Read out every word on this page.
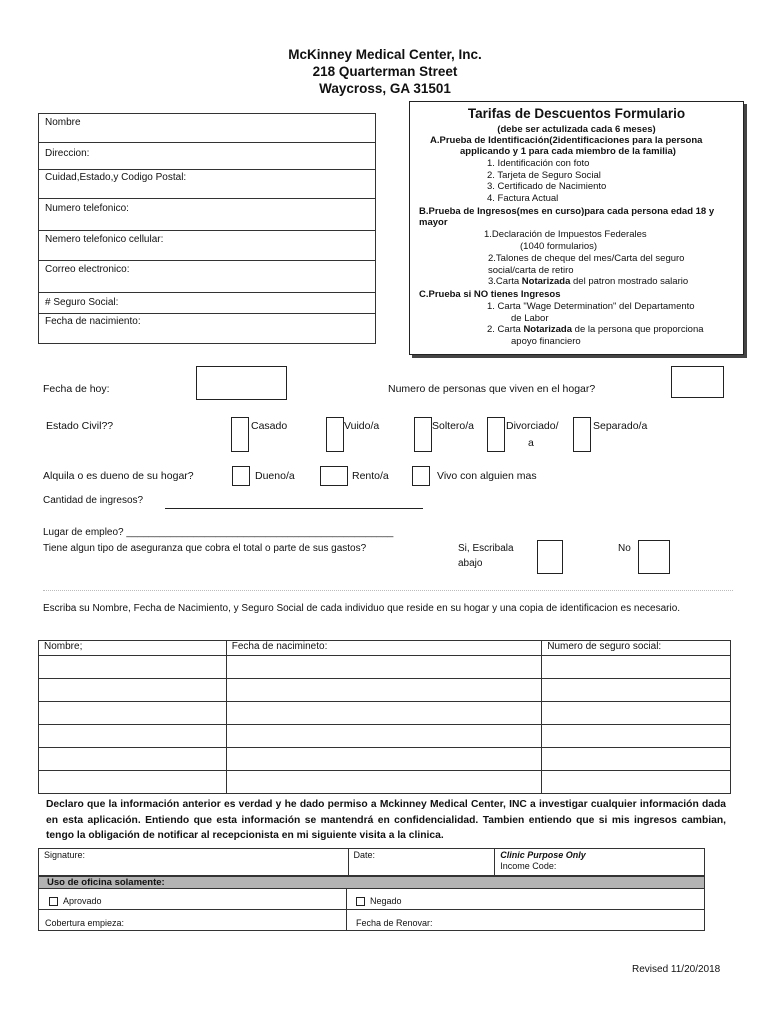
McKinney Medical Center, Inc.
218 Quarterman Street
Waycross, GA 31501
Nombre
Direccion:
Cuidad,Estado,y Codigo Postal:
Numero telefonico:
Nemero telefonico cellular:
Correo electronico:
# Seguro Social:
Fecha de nacimiento:
Tarifas de Descuentos Formulario
(debe ser actulizada cada 6 meses)
A.Prueba de Identificación(2identificaciones para la persona
applicando y 1 para cada miembro de la familia)
1. Identificación con foto
2. Tarjeta de Seguro Social
3. Certificado de Nacimiento
4. Factura Actual
B.Prueba de Ingresos(mes en curso)para cada persona edad 18 y
mayor
1.Declaración de Impuestos Federales
(1040 formularios)
2.Talones de cheque del mes/Carta del seguro
social/carta de retiro
3.Carta Notarizada del patron mostrado salario
C.Prueba si NO tienes Ingresos
1. Carta "Wage Determination" del Departamento
de Labor
2. Carta Notarizada de la persona que proporciona
apoyo financiero
Fecha de hoy:	Numero de personas que viven en el hogar?
Estado Civil??	Casado	Vuido/a	Soltero/a	Divorciado/
a
Separado/a
Alquila o es dueno de su hogar?	Dueno/a	Rento/a	Vivo con alguien mas
Cantidad de ingresos?
Lugar de empleo? ________________________________________________
Tiene algun tipo de aseguranza que cobra el total o parte de sus gastos?	Si, Escribala
abajo
No
Escriba su Nombre, Fecha de Nacimiento, y Seguro Social de cada individuo que reside en su hogar y una copia de identificacion es necesario.
Nombre;	Fecha de nacimineto:	Numero de seguro social:

Declaro que la información anterior es verdad y he dado permiso a Mckinney Medical Center, INC a investigar cualquier información dada en esta aplicación. Entiendo que esta información se mantendrá en confidencialidad. Tambien entiendo que si mis ingresos cambian, tengo la obligación de notificar al recepcionista en mi siguiente visita a la clinica.
Signature:	Date:	Clinic Purpose Only
Income Code:
Uso de oficina solamente:
Aprovado	Negado
Cobertura empieza:	Fecha de Renovar:
Revised 11/20/2018
